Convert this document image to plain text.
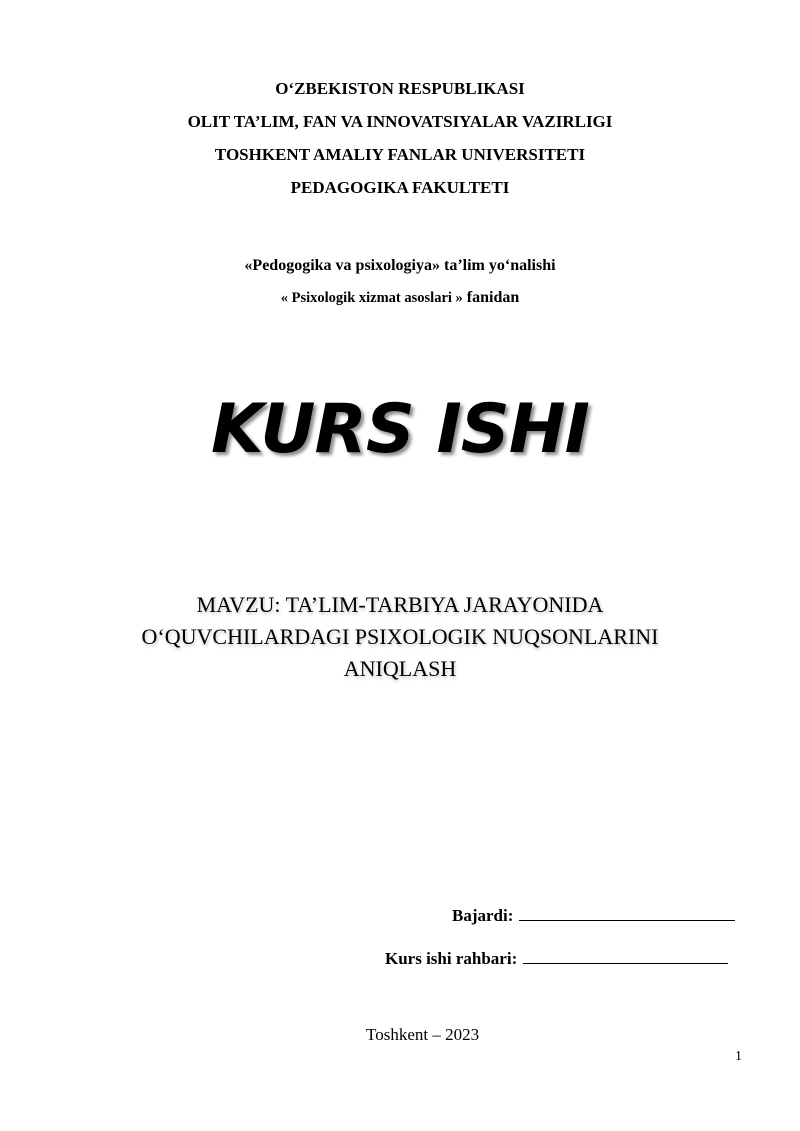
O‘ZBEKISTON RESPUBLIKASI
OLIT TA’LIM, FAN VA INNOVATSIYALAR VAZIRLIGI
TOSHKENT AMALIY FANLAR UNIVERSITETI
PEDAGOGIKA FAKULTETI
«Pedogogika va psixologiya» ta’lim yo‘nalishi
« Psixologik xizmat asoslari » fanidan
KURS ISHI
MAVZU: TA’LIM-TARBIYA JARAYONIDA
O‘QUVCHILARDAGI PSIXOLOGIK NUQSONLARINI
ANIQLASH
Bajardi:
Kurs ishi rahbari:
Toshkent – 2023
1
